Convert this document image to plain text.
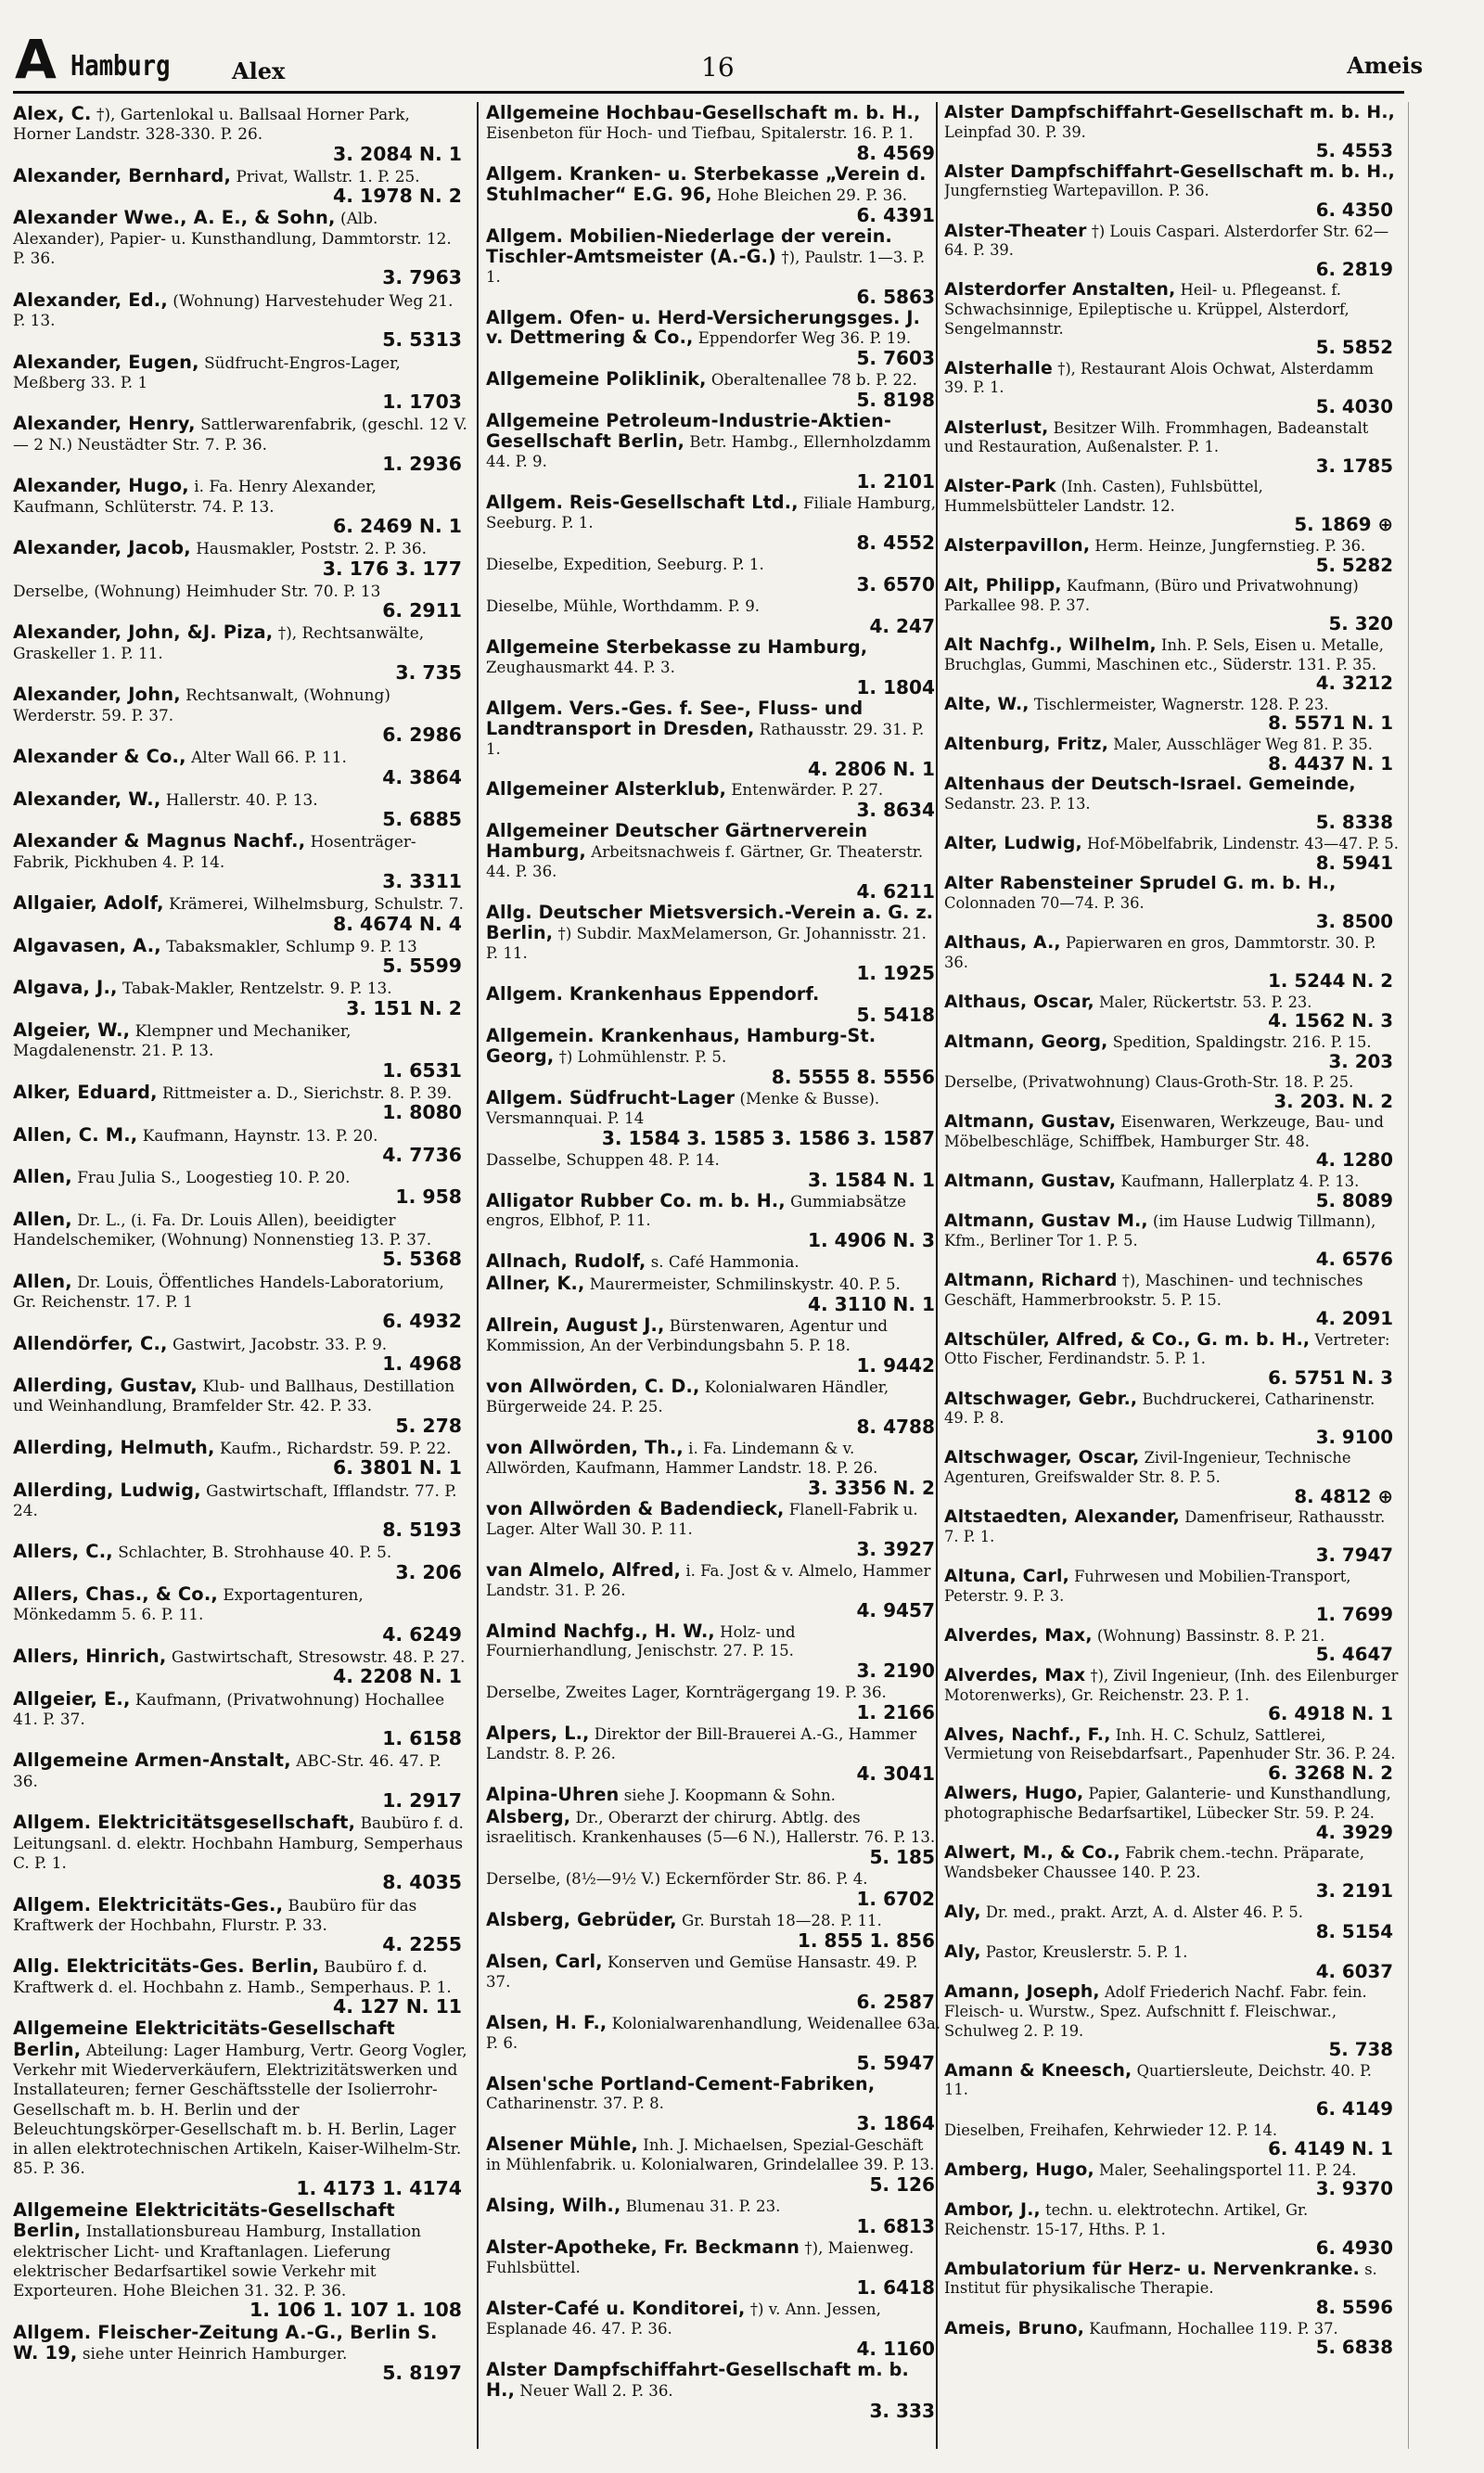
A Hamburg	Alex	16	Ameis
Alex, C. †), Gartenlokal u. Ballsaal Horner Park, Horner Landstr. 328-330. P. 26.
3. 2084 N. 1
Alexander, Bernhard, Privat, Wallstr. 1. P. 25.
4. 1978 N. 2
Alexander Wwe., A. E., & Sohn, (Alb. Alexander), Papier- u. Kunsthandlung, Dammtorstr. 12. P. 36.
3. 7963
Alexander, Ed., (Wohnung) Harvestehuder Weg 21. P. 13.
5. 5313
Alexander, Eugen, Südfrucht-Engros-Lager, Meßberg 33. P. 1
1. 1703
Alexander, Henry, Sattlerwarenfabrik, (geschl. 12 V. — 2 N.) Neustädter Str. 7. P. 36.
1. 2936
Alexander, Hugo, i. Fa. Henry Alexander, Kaufmann, Schlüterstr. 74. P. 13.
6. 2469 N. 1
Alexander, Jacob, Hausmakler, Poststr. 2. P. 36.
3. 176 3. 177
Derselbe, (Wohnung) Heimhuder Str. 70. P. 13
6. 2911
Alexander, John, &J. Piza, †), Rechtsanwälte, Graskeller 1. P. 11.
3. 735
Alexander, John, Rechtsanwalt, (Wohnung) Werderstr. 59. P. 37.
6. 2986
Alexander & Co., Alter Wall 66. P. 11.
4. 3864
Alexander, W., Hallerstr. 40. P. 13.
5. 6885
Alexander & Magnus Nachf., Hosenträger-Fabrik, Pickhuben 4. P. 14.
3. 3311
Allgaier, Adolf, Krämerei, Wilhelmsburg, Schulstr. 7.
8. 4674 N. 4
Algavasen, A., Tabaksmakler, Schlump 9. P. 13
5. 5599
Algava, J., Tabak-Makler, Rentzelstr. 9. P. 13.
3. 151 N. 2
Algeier, W., Klempner und Mechaniker, Magdalenenstr. 21. P. 13.
1. 6531
Alker, Eduard, Rittmeister a. D., Sierichstr. 8. P. 39.
1. 8080
Allen, C. M., Kaufmann, Haynstr. 13. P. 20.
4. 7736
Allen, Frau Julia S., Loogestieg 10. P. 20.
1. 958
Allen, Dr. L., (i. Fa. Dr. Louis Allen), beeidigter Handelschemiker, (Wohnung) Nonnenstieg 13. P. 37.
5. 5368
Allen, Dr. Louis, Öffentliches Handels-Laboratorium, Gr. Reichenstr. 17. P. 1
6. 4932
Allendörfer, C., Gastwirt, Jacobstr. 33. P. 9.
1. 4968
Allerding, Gustav, Klub- und Ballhaus, Destillation und Weinhandlung, Bramfelder Str. 42. P. 33.
5. 278
Allerding, Helmuth, Kaufm., Richardstr. 59. P. 22.
6. 3801 N. 1
Allerding, Ludwig, Gastwirtschaft, Ifflandstr. 77. P. 24.
8. 5193
Allers, C., Schlachter, B. Strohhause 40. P. 5.
3. 206
Allers, Chas., & Co., Exportagenturen, Mönkedamm 5. 6. P. 11.
4. 6249
Allers, Hinrich, Gastwirtschaft, Stresowstr. 48. P. 27.
4. 2208 N. 1
Allgeier, E., Kaufmann, (Privatwohnung) Hochallee 41. P. 37.
1. 6158
Allgemeine Armen-Anstalt, ABC-Str. 46. 47. P. 36.
1. 2917
Allgem. Elektricitätsgesellschaft, Baubüro f. d. Leitungsanl. d. elektr. Hochbahn Hamburg, Semperhaus C. P. 1.
8. 4035
Allgem. Elektricitäts-Ges., Baubüro für das Kraftwerk der Hochbahn, Flurstr. P. 33.
4. 2255
Allg. Elektricitäts-Ges. Berlin, Baubüro f. d. Kraftwerk d. el. Hochbahn z. Hamb., Semperhaus. P. 1.
4. 127 N. 11
Allgemeine Elektricitäts-Gesellschaft Berlin, Abteilung: Lager Hamburg, Vertr. Georg Vogler, Verkehr mit Wiederverkäufern, Elektrizitätswerken und Installateuren; ferner Geschäftsstelle der Isolierrohr-Gesellschaft m. b. H. Berlin und der Beleuchtungskörper-Gesellschaft m. b. H. Berlin, Lager in allen elektrotechnischen Artikeln, Kaiser-Wilhelm-Str. 85. P. 36.
1. 4173 1. 4174
Allgemeine Elektricitäts-Gesellschaft Berlin, Installationsbureau Hamburg, Installation elektrischer Licht- und Kraftanlagen. Lieferung elektrischer Bedarfsartikel sowie Verkehr mit Exporteuren. Hohe Bleichen 31. 32. P. 36.
1. 106 1. 107 1. 108
Allgem. Fleischer-Zeitung A.-G., Berlin S. W. 19, siehe unter Heinrich Hamburger.
5. 8197
Allgemeine Hochbau-Gesellschaft m. b. H., Eisenbeton für Hoch- und Tiefbau, Spitalerstr. 16. P. 1.
8. 4569
Allgem. Kranken- u. Sterbekasse „Verein d. Stuhlmacher“ E.G. 96, Hohe Bleichen 29. P. 36.
6. 4391
Allgem. Mobilien-Niederlage der verein. Tischler-Amtsmeister (A.-G.) †), Paulstr. 1—3. P. 1.
6. 5863
Allgem. Ofen- u. Herd-Versicherungsges. J. v. Dettmering & Co., Eppendorfer Weg 36. P. 19.
5. 7603
Allgemeine Poliklinik, Oberaltenallee 78 b. P. 22.
5. 8198
Allgemeine Petroleum-Industrie-Aktien-Gesellschaft Berlin, Betr. Hambg., Ellernholzdamm 44. P. 9.
1. 2101
Allgem. Reis-Gesellschaft Ltd., Filiale Hamburg, Seeburg. P. 1.
8. 4552
Dieselbe, Expedition, Seeburg. P. 1.
3. 6570
Dieselbe, Mühle, Worthdamm. P. 9.
4. 247
Allgemeine Sterbekasse zu Hamburg, Zeughausmarkt 44. P. 3.
1. 1804
Allgem. Vers.-Ges. f. See-, Fluss- und Landtransport in Dresden, Rathausstr. 29. 31. P. 1.
4. 2806 N. 1
Allgemeiner Alsterklub, Entenwärder. P. 27.
3. 8634
Allgemeiner Deutscher Gärtnerverein Hamburg, Arbeitsnachweis f. Gärtner, Gr. Theaterstr. 44. P. 36.
4. 6211
Allg. Deutscher Mietsversich.-Verein a. G. z. Berlin, †) Subdir. MaxMelamerson, Gr. Johannisstr. 21. P. 11.
1. 1925
Allgem. Krankenhaus Eppendorf.
5. 5418
Allgemein. Krankenhaus, Hamburg-St. Georg, †) Lohmühlenstr. P. 5.
8. 5555 8. 5556
Allgem. Südfrucht-Lager (Menke & Busse). Versmannquai. P. 14
3. 1584 3. 1585 3. 1586 3. 1587
Dasselbe, Schuppen 48. P. 14.
3. 1584 N. 1
Alligator Rubber Co. m. b. H., Gummiabsätze engros, Elbhof, P. 11.
1. 4906 N. 3
Allnach, Rudolf, s. Café Hammonia.
Allner, K., Maurermeister, Schmilinskystr. 40. P. 5.
4. 3110 N. 1
Allrein, August J., Bürstenwaren, Agentur und Kommission, An der Verbindungsbahn 5. P. 18.
1. 9442
von Allwörden, C. D., Kolonialwaren Händler, Bürgerweide 24. P. 25.
8. 4788
von Allwörden, Th., i. Fa. Lindemann & v. Allwörden, Kaufmann, Hammer Landstr. 18. P. 26.
3. 3356 N. 2
von Allwörden & Badendieck, Flanell-Fabrik u. Lager. Alter Wall 30. P. 11.
3. 3927
van Almelo, Alfred, i. Fa. Jost & v. Almelo, Hammer Landstr. 31. P. 26.
4. 9457
Almind Nachfg., H. W., Holz- und Fournierhandlung, Jenischstr. 27. P. 15.
3. 2190
Derselbe, Zweites Lager, Kornträgergang 19. P. 36.
1. 2166
Alpers, L., Direktor der Bill-Brauerei A.-G., Hammer Landstr. 8. P. 26.
4. 3041
Alpina-Uhren siehe J. Koopmann & Sohn.
Alsberg, Dr., Oberarzt der chirurg. Abtlg. des israelitisch. Krankenhauses (5—6 N.), Hallerstr. 76. P. 13.
5. 185
Derselbe, (8½—9½ V.) Eckernförder Str. 86. P. 4.
1. 6702
Alsberg, Gebrüder, Gr. Burstah 18—28. P. 11.
1. 855 1. 856
Alsen, Carl, Konserven und Gemüse Hansastr. 49. P. 37.
6. 2587
Alsen, H. F., Kolonialwarenhandlung, Weidenallee 63a. P. 6.
5. 5947
Alsen'sche Portland-Cement-Fabriken, Catharinenstr. 37. P. 8.
3. 1864
Alsener Mühle, Inh. J. Michaelsen, Spezial-Geschäft in Mühlenfabrik. u. Kolonialwaren, Grindelallee 39. P. 13.
5. 126
Alsing, Wilh., Blumenau 31. P. 23.
1. 6813
Alster-Apotheke, Fr. Beckmann †), Maienweg. Fuhlsbüttel.
1. 6418
Alster-Café u. Konditorei, †) v. Ann. Jessen, Esplanade 46. 47. P. 36.
4. 1160
Alster Dampfschiffahrt-Gesellschaft m. b. H., Neuer Wall 2. P. 36.
3. 333
Alster Dampfschiffahrt-Gesellschaft m. b. H., Leinpfad 30. P. 39.
5. 4553
Alster Dampfschiffahrt-Gesellschaft m. b. H., Jungfernstieg Wartepavillon. P. 36.
6. 4350
Alster-Theater †) Louis Caspari. Alsterdorfer Str. 62—64. P. 39.
6. 2819
Alsterdorfer Anstalten, Heil- u. Pflegeanst. f. Schwachsinnige, Epileptische u. Krüppel, Alsterdorf, Sengelmannstr.
5. 5852
Alsterhalle †), Restaurant Alois Ochwat, Alsterdamm 39. P. 1.
5. 4030
Alsterlust, Besitzer Wilh. Frommhagen, Badeanstalt und Restauration, Außenalster. P. 1.
3. 1785
Alster-Park (Inh. Casten), Fuhlsbüttel, Hummelsbütteler Landstr. 12.
5. 1869 ⊕
Alsterpavillon, Herm. Heinze, Jungfernstieg. P. 36.
5. 5282
Alt, Philipp, Kaufmann, (Büro und Privatwohnung) Parkallee 98. P. 37.
5. 320
Alt Nachfg., Wilhelm, Inh. P. Sels, Eisen u. Metalle, Bruchglas, Gummi, Maschinen etc., Süderstr. 131. P. 35.
4. 3212
Alte, W., Tischlermeister, Wagnerstr. 128. P. 23.
8. 5571 N. 1
Altenburg, Fritz, Maler, Ausschläger Weg 81. P. 35.
8. 4437 N. 1
Altenhaus der Deutsch-Israel. Gemeinde, Sedanstr. 23. P. 13.
5. 8338
Alter, Ludwig, Hof-Möbelfabrik, Lindenstr. 43—47. P. 5.
8. 5941
Alter Rabensteiner Sprudel G. m. b. H., Colonnaden 70—74. P. 36.
3. 8500
Althaus, A., Papierwaren en gros, Dammtorstr. 30. P. 36.
1. 5244 N. 2
Althaus, Oscar, Maler, Rückertstr. 53. P. 23.
4. 1562 N. 3
Altmann, Georg, Spedition, Spaldingstr. 216. P. 15.
3. 203
Derselbe, (Privatwohnung) Claus-Groth-Str. 18. P. 25.
3. 203. N. 2
Altmann, Gustav, Eisenwaren, Werkzeuge, Bau- und Möbelbeschläge, Schiffbek, Hamburger Str. 48.
4. 1280
Altmann, Gustav, Kaufmann, Hallerplatz 4. P. 13.
5. 8089
Altmann, Gustav M., (im Hause Ludwig Tillmann), Kfm., Berliner Tor 1. P. 5.
4. 6576
Altmann, Richard †), Maschinen- und technisches Geschäft, Hammerbrookstr. 5. P. 15.
4. 2091
Altschüler, Alfred, & Co., G. m. b. H., Vertreter: Otto Fischer, Ferdinandstr. 5. P. 1.
6. 5751 N. 3
Altschwager, Gebr., Buchdruckerei, Catharinenstr. 49. P. 8.
3. 9100
Altschwager, Oscar, Zivil-Ingenieur, Technische Agenturen, Greifswalder Str. 8. P. 5.
8. 4812 ⊕
Altstaedten, Alexander, Damenfriseur, Rathausstr. 7. P. 1.
3. 7947
Altuna, Carl, Fuhrwesen und Mobilien-Transport, Peterstr. 9. P. 3.
1. 7699
Alverdes, Max, (Wohnung) Bassinstr. 8. P. 21.
5. 4647
Alverdes, Max †), Zivil Ingenieur, (Inh. des Eilenburger Motorenwerks), Gr. Reichenstr. 23. P. 1.
6. 4918 N. 1
Alves, Nachf., F., Inh. H. C. Schulz, Sattlerei, Vermietung von Reisebdarfsart., Papenhuder Str. 36. P. 24.
6. 3268 N. 2
Alwers, Hugo, Papier, Galanterie- und Kunsthandlung, photographische Bedarfsartikel, Lübecker Str. 59. P. 24.
4. 3929
Alwert, M., & Co., Fabrik chem.-techn. Präparate, Wandsbeker Chaussee 140. P. 23.
3. 2191
Aly, Dr. med., prakt. Arzt, A. d. Alster 46. P. 5.
8. 5154
Aly, Pastor, Kreuslerstr. 5. P. 1.
4. 6037
Amann, Joseph, Adolf Friederich Nachf. Fabr. fein. Fleisch- u. Wurstw., Spez. Aufschnitt f. Fleischwar., Schulweg 2. P. 19.
5. 738
Amann & Kneesch, Quartiersleute, Deichstr. 40. P. 11.
6. 4149
Dieselben, Freihafen, Kehrwieder 12. P. 14.
6. 4149 N. 1
Amberg, Hugo, Maler, Seehalingsportel 11. P. 24.
3. 9370
Ambor, J., techn. u. elektrotechn. Artikel, Gr. Reichenstr. 15-17, Hths. P. 1.
6. 4930
Ambulatorium für Herz- u. Nervenkranke. s. Institut für physikalische Therapie.
8. 5596
Ameis, Bruno, Kaufmann, Hochallee 119. P. 37.
5. 6838
